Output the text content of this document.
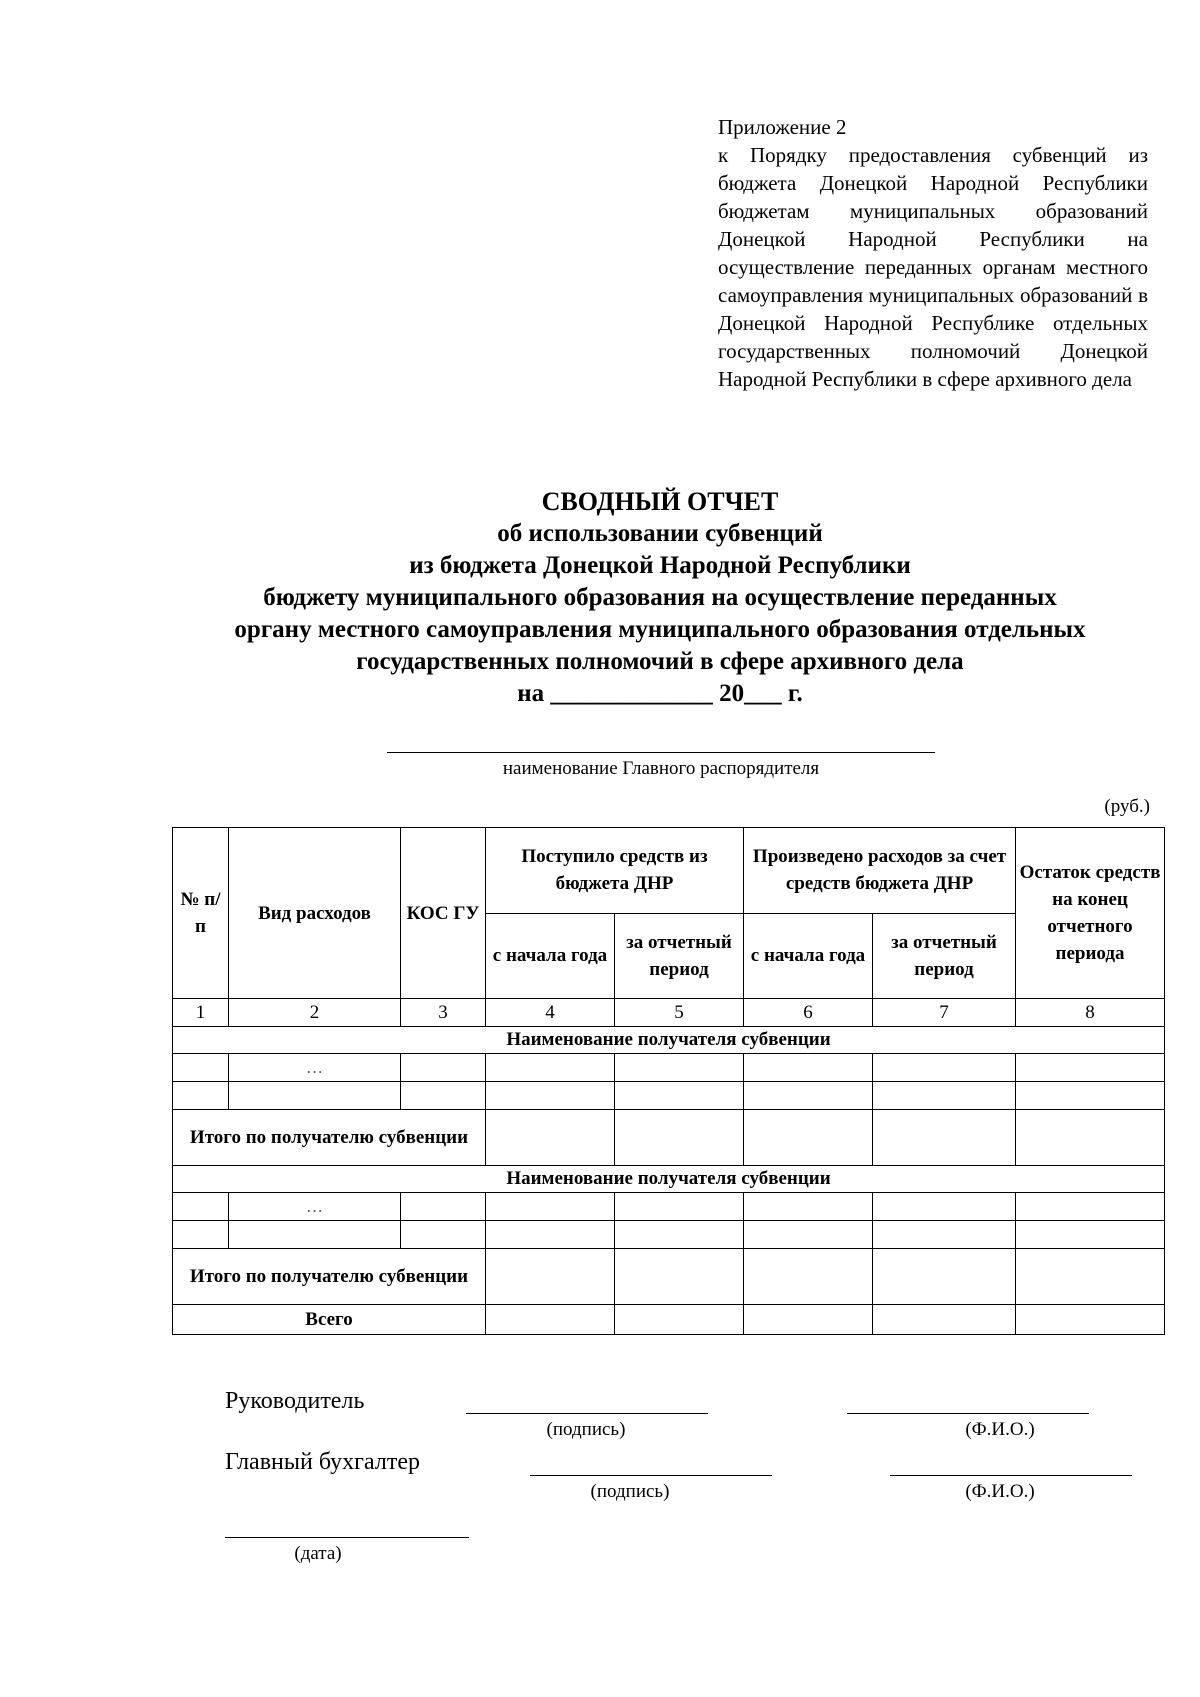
Приложение 2
к Порядку предоставления субвенций из бюджета Донецкой Народной Республики бюджетам муниципальных образований Донецкой Народной Республики на осуществление переданных органам местного самоуправления муниципальных образований в Донецкой Народной Республике отдельных государственных полномочий Донецкой Народной Республики в сфере архивного дела
СВОДНЫЙ ОТЧЕТ
об использовании субвенций
из бюджета Донецкой Народной Республики
бюджету муниципального образования на осуществление переданных
органу местного самоуправления муниципального образования отдельных
государственных полномочий в сфере архивного дела
на _____________ 20___ г.
наименование Главного распорядителя
(руб.)
№ п/п	Вид расходов	КОС ГУ	Поступило средств из бюджета ДНР		Произведено расходов за счет средств бюджета ДНР		Остаток средств на конец отчетного периода
			с начала года	за отчетный период	с начала года	за отчетный период	
1	2	3	4	5	6	7	8
Наименование получателя субвенции							
	…						

Итого по получателю субвенции							
Наименование получателя субвенции							
	…						

Итого по получателю субвенции							
Всего							
Руководитель
(подпись)	(Ф.И.О.)
Главный бухгалтер
(подпись)	(Ф.И.О.)
(дата)
